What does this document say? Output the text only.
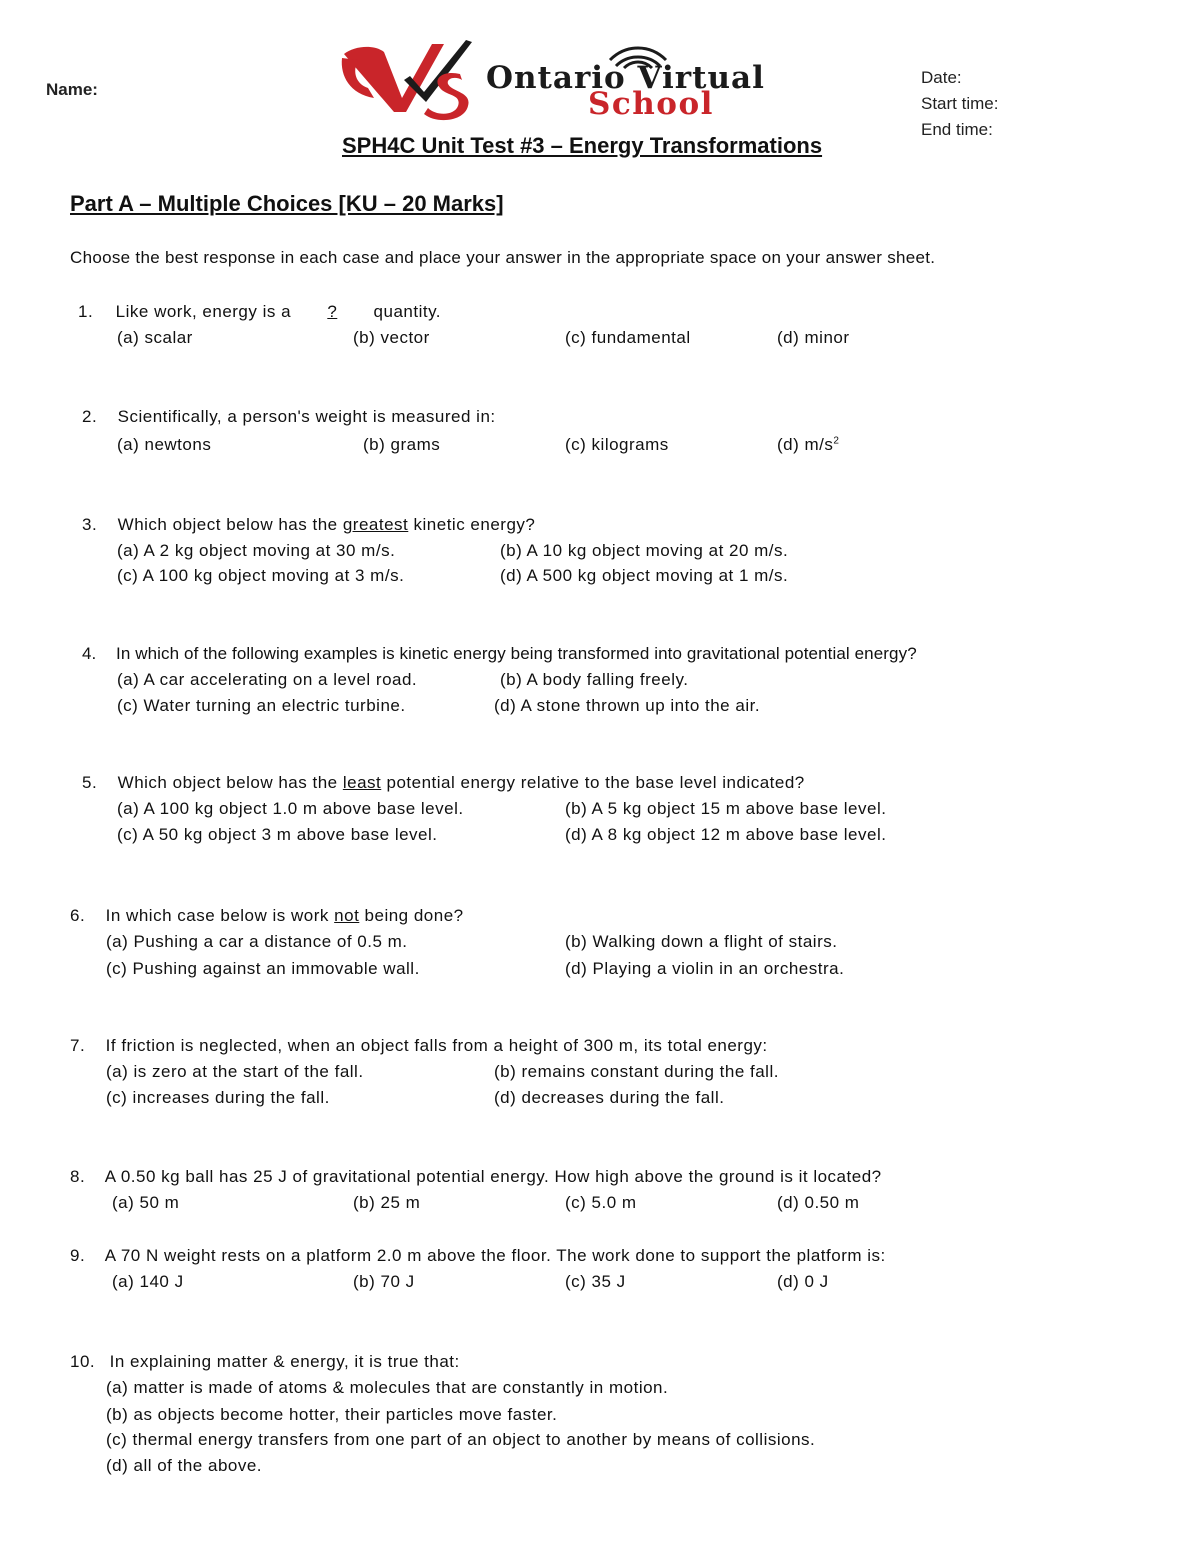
Name:
Date:
Start time:
End time:
Ontario Virtual
School
SPH4C Unit Test #3 – Energy Transformations
Part A – Multiple Choices [KU – 20 Marks]
Choose the best response in each case and place your answer in the appropriate space on your answer sheet.
1. Like work, energy is a ? quantity.
(a) scalar	(b) vector	(c) fundamental	(d) minor
2. Scientifically, a person's weight is measured in:
(a) newtons	(b) grams	(c) kilograms	(d) $m/s^2$
3. Which object below has the greatest kinetic energy?
(a) A 2 kg object moving at 30 m/s.	(b) A 10 kg object moving at 20 m/s.
(c) A 100 kg object moving at 3 m/s.	(d) A 500 kg object moving at 1 m/s.
4. In which of the following examples is kinetic energy being transformed into gravitational potential energy?
(a) A car accelerating on a level road.	(b) A body falling freely.
(c) Water turning an electric turbine.	(d) A stone thrown up into the air.
5. Which object below has the least potential energy relative to the base level indicated?
(a) A 100 kg object 1.0 m above base level.	(b) A 5 kg object 15 m above base level.
(c) A 50 kg object 3 m above base level.	(d) A 8 kg object 12 m above base level.
6. In which case below is work not being done?
(a) Pushing a car a distance of 0.5 m.	(b) Walking down a flight of stairs.
(c) Pushing against an immovable wall.	(d) Playing a violin in an orchestra.
7. If friction is neglected, when an object falls from a height of 300 m, its total energy:
(a) is zero at the start of the fall.	(b) remains constant during the fall.
(c) increases during the fall.	(d) decreases during the fall.
8. A 0.50 kg ball has 25 J of gravitational potential energy. How high above the ground is it located?
(a) 50 m	(b) 25 m	(c) 5.0 m	(d) 0.50 m
9. A 70 N weight rests on a platform 2.0 m above the floor. The work done to support the platform is:
(a) 140 J	(b) 70 J	(c) 35 J	(d) 0 J
10. In explaining matter & energy, it is true that:
(a) matter is made of atoms & molecules that are constantly in motion.
(b) as objects become hotter, their particles move faster.
(c) thermal energy transfers from one part of an object to another by means of collisions.
(d) all of the above.
